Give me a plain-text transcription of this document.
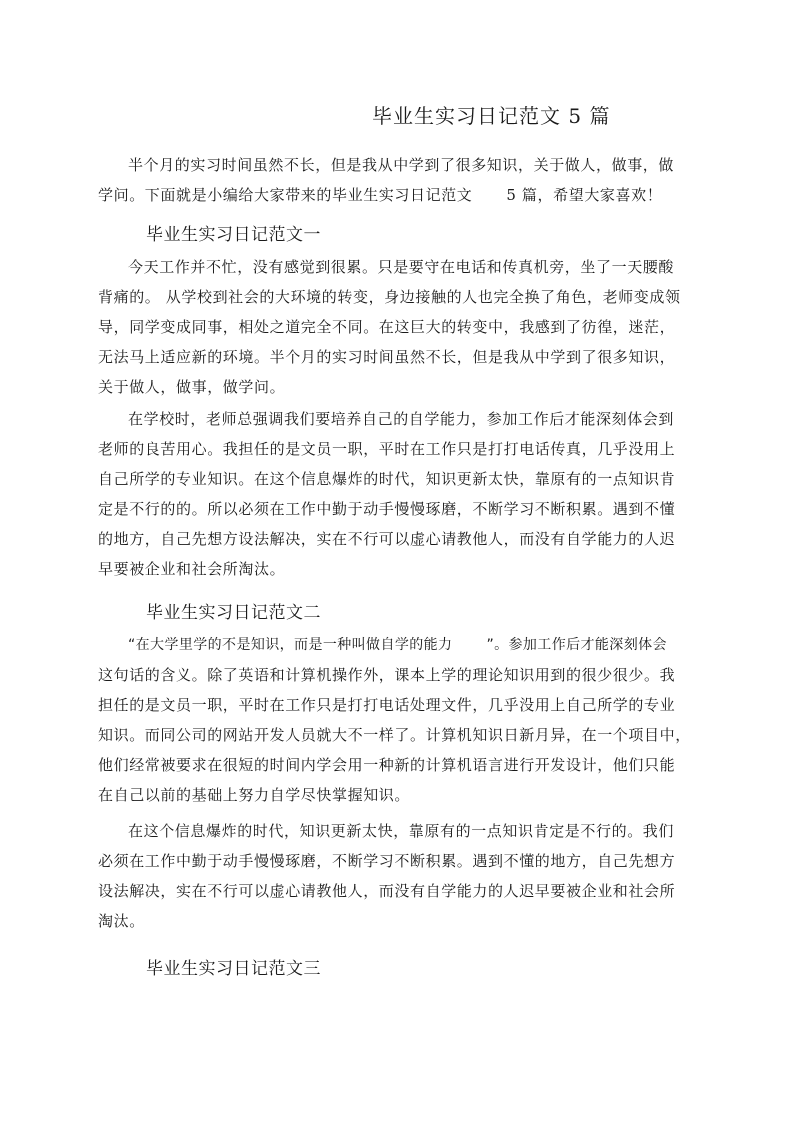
毕业生实习日记范文 5 篇
半个月的实习时间虽然不长，但是我从中学到了很多知识，关于做人，做事，做
学问。下面就是小编给大家带来的毕业生实习日记范文 5 篇，希望大家喜欢！
毕业生实习日记范文一
今天工作并不忙，没有感觉到很累。只是要守在电话和传真机旁，坐了一天腰酸
背痛的。 从学校到社会的大环境的转变，身边接触的人也完全换了角色，老师变成领
导，同学变成同事，相处之道完全不同。在这巨大的转变中，我感到了彷徨，迷茫，
无法马上适应新的环境。半个月的实习时间虽然不长，但是我从中学到了很多知识，
关于做人，做事，做学问。
在学校时，老师总强调我们要培养自己的自学能力，参加工作后才能深刻体会到
老师的良苦用心。我担任的是文员一职，平时在工作只是打打电话传真，几乎没用上
自己所学的专业知识。在这个信息爆炸的时代，知识更新太快，靠原有的一点知识肯
定是不行的的。所以必须在工作中勤于动手慢慢琢磨，不断学习不断积累。遇到不懂
的地方，自己先想方设法解决，实在不行可以虚心请教他人，而没有自学能力的人迟
早要被企业和社会所淘汰。
毕业生实习日记范文二
“在大学里学的不是知识，而是一种叫做自学的能力 ”。参加工作后才能深刻体会
这句话的含义。除了英语和计算机操作外，课本上学的理论知识用到的很少很少。我
担任的是文员一职，平时在工作只是打打电话处理文件，几乎没用上自己所学的专业
知识。而同公司的网站开发人员就大不一样了。计算机知识日新月异，在一个项目中，
他们经常被要求在很短的时间内学会用一种新的计算机语言进行开发设计，他们只能
在自己以前的基础上努力自学尽快掌握知识。
在这个信息爆炸的时代，知识更新太快，靠原有的一点知识肯定是不行的。我们
必须在工作中勤于动手慢慢琢磨，不断学习不断积累。遇到不懂的地方，自己先想方
设法解决，实在不行可以虚心请教他人，而没有自学能力的人迟早要被企业和社会所
淘汰。
毕业生实习日记范文三
